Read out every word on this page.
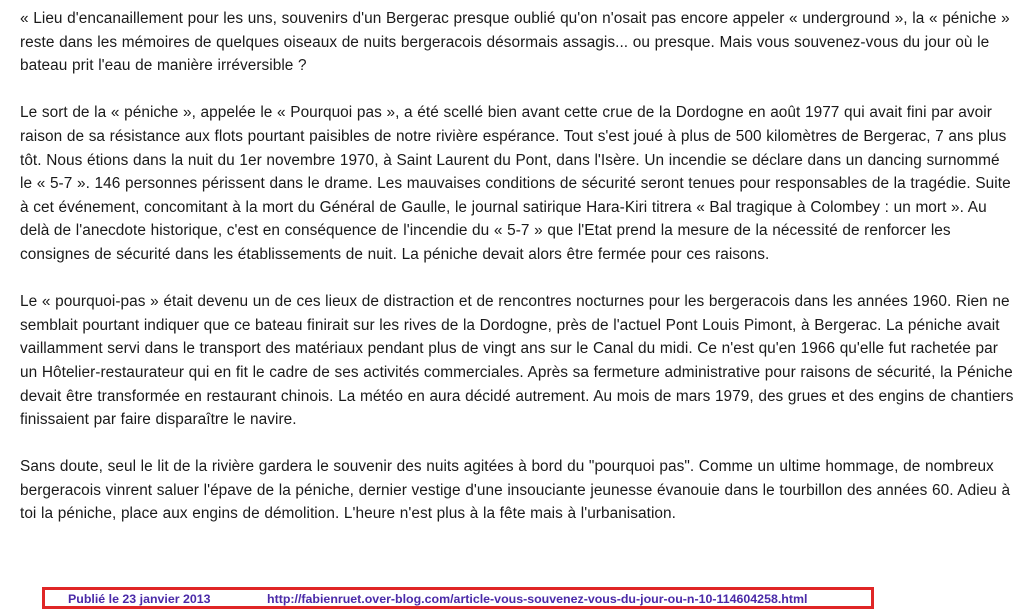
« Lieu d'encanaillement pour les uns, souvenirs d'un Bergerac presque oublié qu'on n'osait pas encore appeler « underground », la « péniche » reste dans les mémoires de quelques oiseaux de nuits bergeracois désormais assagis... ou presque. Mais vous souvenez-vous du jour où le bateau prit l'eau de manière irréversible ?

Le sort de la « péniche », appelée le « Pourquoi pas », a été scellé bien avant cette crue de la Dordogne en août 1977 qui avait fini par avoir raison de sa résistance aux flots pourtant paisibles de notre rivière espérance. Tout s'est joué à plus de 500 kilomètres de Bergerac, 7 ans plus tôt. Nous étions dans la nuit du 1er novembre 1970, à Saint Laurent du Pont, dans l'Isère. Un incendie se déclare dans un dancing surnommé le « 5-7 ». 146 personnes périssent dans le drame. Les mauvaises conditions de sécurité seront tenues pour responsables de la tragédie. Suite à cet événement, concomitant à la mort du Général de Gaulle, le journal satirique Hara-Kiri titrera « Bal tragique à Colombey : un mort ». Au delà de l'anecdote historique, c'est en conséquence de l'incendie du « 5-7 » que l'Etat prend la mesure de la nécessité de renforcer les consignes de sécurité dans les établissements de nuit. La péniche devait alors être fermée pour ces raisons.

Le « pourquoi-pas » était devenu un de ces lieux de distraction et de rencontres nocturnes pour les bergeracois dans les années 1960. Rien ne semblait pourtant indiquer que ce bateau finirait sur les rives de la Dordogne, près de l'actuel Pont Louis Pimont, à Bergerac. La péniche avait vaillamment servi dans le transport des matériaux pendant plus de vingt ans sur le Canal du midi. Ce n'est qu'en 1966 qu'elle fut rachetée par un Hôtelier-restaurateur qui en fit le cadre de ses activités commerciales. Après sa fermeture administrative pour raisons de sécurité, la Péniche devait être transformée en restaurant chinois. La météo en aura décidé autrement. Au mois de mars 1979, des grues et des engins de chantiers finissaient par faire disparaître le navire.

Sans doute, seul le lit de la rivière gardera le souvenir des nuits agitées à bord du "pourquoi pas". Comme un ultime hommage, de nombreux bergeracois vinrent saluer l'épave de la péniche, dernier vestige d'une insouciante jeunesse évanouie dans le tourbillon des années 60. Adieu à toi la péniche, place aux engins de démolition. L'heure n'est plus à la fête mais à l'urbanisation.

Publié le 23 janvier 2013	http://fabienruet.over-blog.com/article-vous-souvenez-vous-du-jour-ou-n-10-114604258.html
